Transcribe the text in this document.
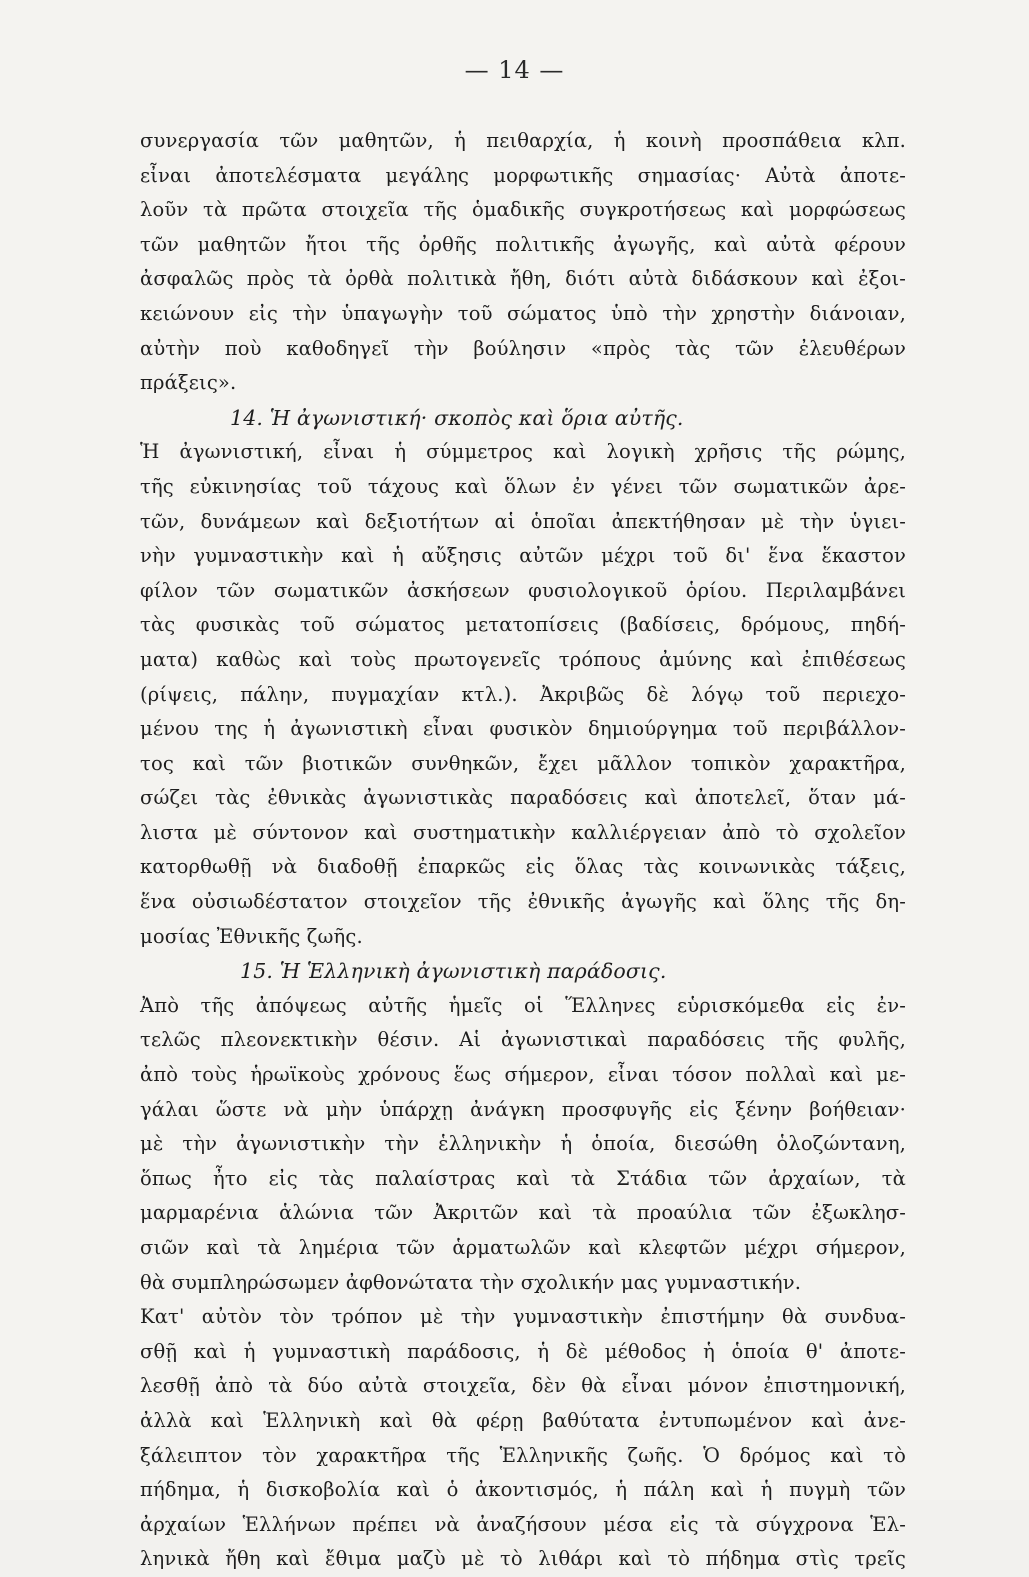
— 14 —
συνεργασία τῶν μαθητῶν, ἡ πειθαρχία, ἡ κοινὴ προσπάθεια κλπ.
εἶναι ἀποτελέσματα μεγάλης μορφωτικῆς σημασίας· Αὐτὰ ἀποτε-
λοῦν τὰ πρῶτα στοιχεῖα τῆς ὁμαδικῆς συγκροτήσεως καὶ μορφώσεως
τῶν μαθητῶν ἤτοι τῆς ὀρθῆς πολιτικῆς ἀγωγῆς, καὶ αὐτὰ φέρουν
ἀσφαλῶς πρὸς τὰ ὀρθὰ πολιτικὰ ἤθη, διότι αὐτὰ διδάσκουν καὶ ἐξοι-
κειώνουν εἰς τὴν ὑπαγωγὴν τοῦ σώματος ὑπὸ τὴν χρηστὴν διάνοιαν,
αὐτὴν ποὺ καθοδηγεῖ τὴν βούλησιν «πρὸς τὰς τῶν ἐλευθέρων
πράξεις».
14. Ἡ ἀγωνιστική· σκοπὸς καὶ ὅρια αὐτῆς.
Ἡ ἀγωνιστική, εἶναι ἡ σύμμετρος καὶ λογικὴ χρῆσις τῆς ρώμης,
τῆς εὐκινησίας τοῦ τάχους καὶ ὅλων ἐν γένει τῶν σωματικῶν ἀρε-
τῶν, δυνάμεων καὶ δεξιοτήτων αἱ ὁποῖαι ἀπεκτήθησαν μὲ τὴν ὑγιει-
νὴν γυμναστικὴν καὶ ἡ αὔξησις αὐτῶν μέχρι τοῦ δι' ἕνα ἕκαστον
φίλον τῶν σωματικῶν ἀσκήσεων φυσιολογικοῦ ὁρίου. Περιλαμβάνει
τὰς φυσικὰς τοῦ σώματος μετατοπίσεις (βαδίσεις, δρόμους, πηδή-
ματα) καθὼς καὶ τοὺς πρωτογενεῖς τρόπους ἀμύνης καὶ ἐπιθέσεως
(ρίψεις, πάλην, πυγμαχίαν κτλ.). Ἀκριβῶς δὲ λόγῳ τοῦ περιεχο-
μένου της ἡ ἀγωνιστικὴ εἶναι φυσικὸν δημιούργημα τοῦ περιβάλλον-
τος καὶ τῶν βιοτικῶν συνθηκῶν, ἔχει μᾶλλον τοπικὸν χαρακτῆρα,
σώζει τὰς ἐθνικὰς ἀγωνιστικὰς παραδόσεις καὶ ἀποτελεῖ, ὅταν μά-
λιστα μὲ σύντονον καὶ συστηματικὴν καλλιέργειαν ἀπὸ τὸ σχολεῖον
κατορθωθῇ νὰ διαδοθῇ ἐπαρκῶς εἰς ὅλας τὰς κοινωνικὰς τάξεις,
ἕνα οὐσιωδέστατον στοιχεῖον τῆς ἐθνικῆς ἀγωγῆς καὶ ὅλης τῆς δη-
μοσίας Ἐθνικῆς ζωῆς.
15. Ἡ Ἑλληνικὴ ἀγωνιστικὴ παράδοσις.
Ἀπὸ τῆς ἀπόψεως αὐτῆς ἡμεῖς οἱ Ἕλληνες εὑρισκόμεθα εἰς ἐν-
τελῶς πλεονεκτικὴν θέσιν. Αἱ ἀγωνιστικαὶ παραδόσεις τῆς φυλῆς,
ἀπὸ τοὺς ἡρωϊκοὺς χρόνους ἕως σήμερον, εἶναι τόσον πολλαὶ καὶ με-
γάλαι ὥστε νὰ μὴν ὑπάρχῃ ἀνάγκη προσφυγῆς εἰς ξένην βοήθειαν·
μὲ τὴν ἀγωνιστικὴν τὴν ἑλληνικὴν ἡ ὁποία, διεσώθη ὁλοζώντανη,
ὅπως ἦτο εἰς τὰς παλαίστρας καὶ τὰ Στάδια τῶν ἀρχαίων, τὰ
μαρμαρένια ἁλώνια τῶν Ἀκριτῶν καὶ τὰ προαύλια τῶν ἐξωκλησ-
σιῶν καὶ τὰ λημέρια τῶν ἁρματωλῶν καὶ κλεφτῶν μέχρι σήμερον,
θὰ συμπληρώσωμεν ἀφθονώτατα τὴν σχολικήν μας γυμναστικήν.
Κατ' αὐτὸν τὸν τρόπον μὲ τὴν γυμναστικὴν ἐπιστήμην θὰ συνδυα-
σθῇ καὶ ἡ γυμναστικὴ παράδοσις, ἡ δὲ μέθοδος ἡ ὁποία θ' ἀποτε-
λεσθῇ ἀπὸ τὰ δύο αὐτὰ στοιχεῖα, δὲν θὰ εἶναι μόνον ἐπιστημονική,
ἀλλὰ καὶ Ἑλληνικὴ καὶ θὰ φέρῃ βαθύτατα ἐντυπωμένον καὶ ἀνε-
ξάλειπτον τὸν χαρακτῆρα τῆς Ἑλληνικῆς ζωῆς. Ὁ δρόμος καὶ τὸ
πήδημα, ἡ δισκοβολία καὶ ὁ ἀκοντισμός, ἡ πάλη καὶ ἡ πυγμὴ τῶν
ἀρχαίων Ἑλλήνων πρέπει νὰ ἀναζήσουν μέσα εἰς τὰ σύγχρονα Ἑλ-
ληνικὰ ἤθη καὶ ἔθιμα μαζὺ μὲ τὸ λιθάρι καὶ τὸ πήδημα στὶς τρεῖς
